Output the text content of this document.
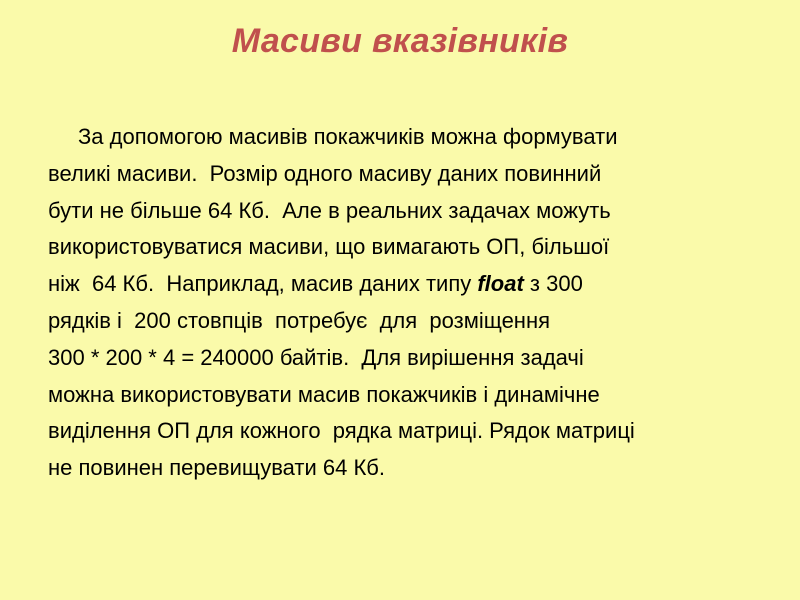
Масиви вказівників
За допомогою масивів покажчиків можна формувати
великі масиви.  Розмір одного масиву даних повинний
бути не більше 64 Кб.  Але в реальних задачах можуть
використовуватися масиви, що вимагають ОП, більшої
ніж  64 Кб.  Наприклад, масив даних типу float з 300
рядків і  200 стовпців  потребує  для  розміщення
300 * 200 * 4 = 240000 байтів.  Для вирішення задачі
можна використовувати масив покажчиків і динамічне
виділення ОП для кожного  рядка матриці. Рядок матриці
не повинен перевищувати 64 Кб.
